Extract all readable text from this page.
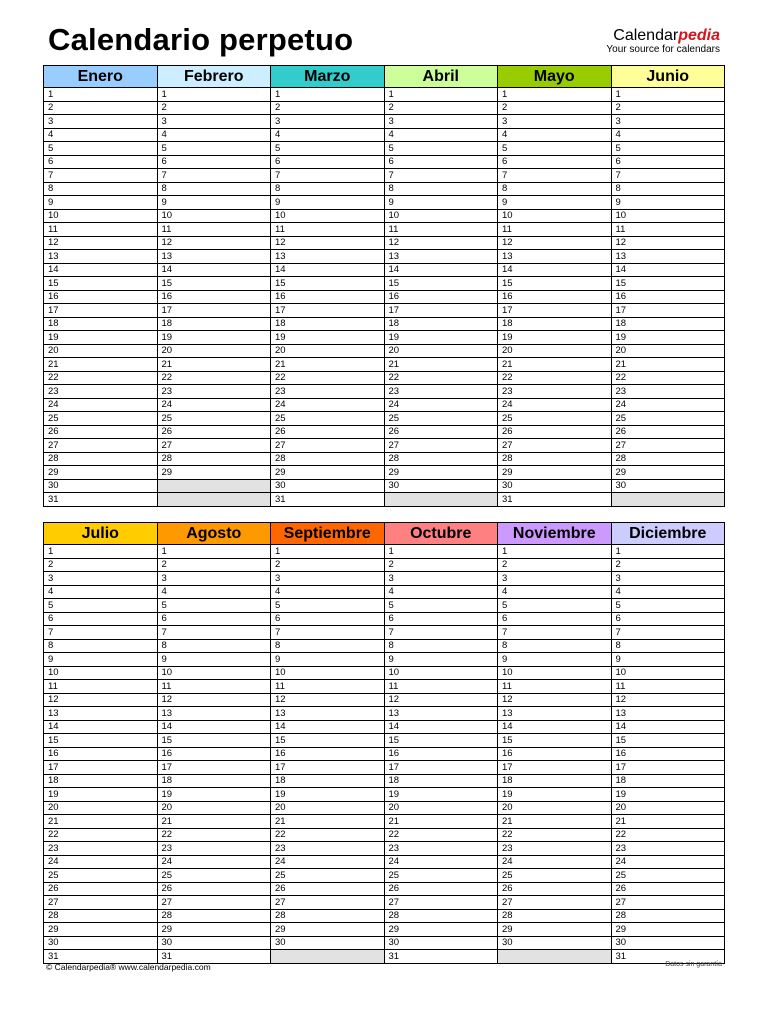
Calendario perpetuo	Calendarpedia
Your source for calendars
Enero	Febrero	Marzo	Abril	Mayo	Junio
1	1	1	1	1	1
2	2	2	2	2	2
3	3	3	3	3	3
4	4	4	4	4	4
5	5	5	5	5	5
6	6	6	6	6	6
7	7	7	7	7	7
8	8	8	8	8	8
9	9	9	9	9	9
10	10	10	10	10	10
11	11	11	11	11	11
12	12	12	12	12	12
13	13	13	13	13	13
14	14	14	14	14	14
15	15	15	15	15	15
16	16	16	16	16	16
17	17	17	17	17	17
18	18	18	18	18	18
19	19	19	19	19	19
20	20	20	20	20	20
21	21	21	21	21	21
22	22	22	22	22	22
23	23	23	23	23	23
24	24	24	24	24	24
25	25	25	25	25	25
26	26	26	26	26	26
27	27	27	27	27	27
28	28	28	28	28	28
29	29	29	29	29	29
30		30	30	30	30
31		31		31	
Julio	Agosto	Septiembre	Octubre	Noviembre	Diciembre
1	1	1	1	1	1
2	2	2	2	2	2
3	3	3	3	3	3
4	4	4	4	4	4
5	5	5	5	5	5
6	6	6	6	6	6
7	7	7	7	7	7
8	8	8	8	8	8
9	9	9	9	9	9
10	10	10	10	10	10
11	11	11	11	11	11
12	12	12	12	12	12
13	13	13	13	13	13
14	14	14	14	14	14
15	15	15	15	15	15
16	16	16	16	16	16
17	17	17	17	17	17
18	18	18	18	18	18
19	19	19	19	19	19
20	20	20	20	20	20
21	21	21	21	21	21
22	22	22	22	22	22
23	23	23	23	23	23
24	24	24	24	24	24
25	25	25	25	25	25
26	26	26	26	26	26
27	27	27	27	27	27
28	28	28	28	28	28
29	29	29	29	29	29
30	30	30	30	30	30
31	31		31		31
© Calendarpedia® www.calendarpedia.com	Datos sin garantía
